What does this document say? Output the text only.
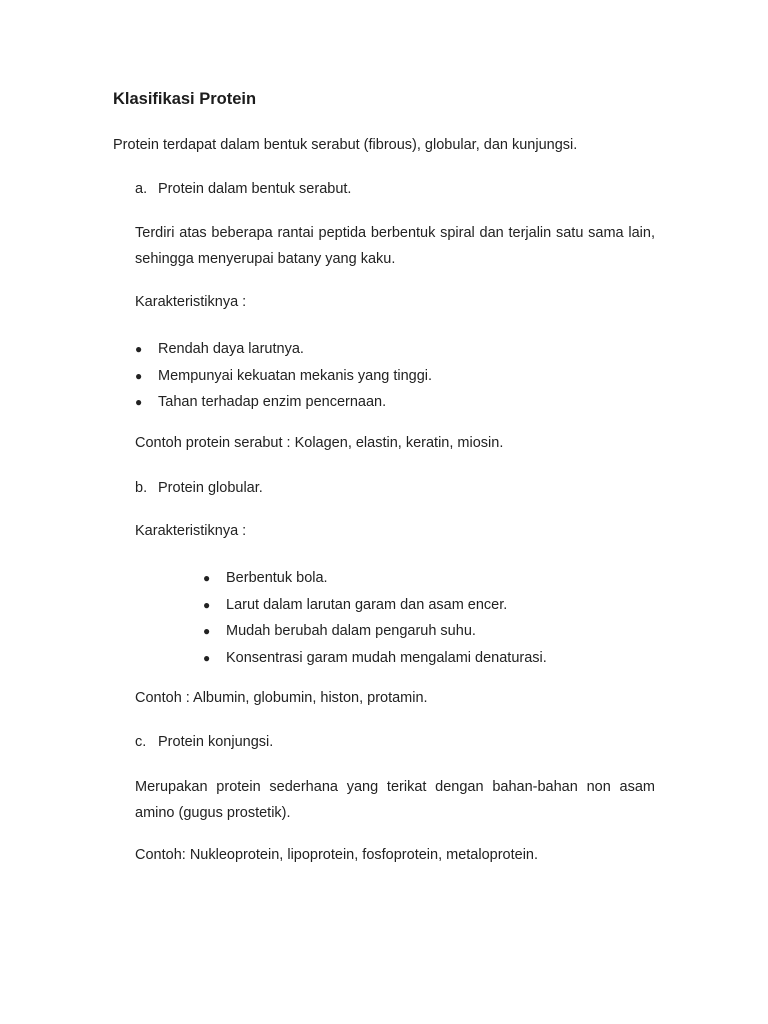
Klasifikasi Protein
Protein terdapat dalam bentuk serabut (fibrous), globular, dan kunjungsi.
a. Protein dalam bentuk serabut.
Terdiri atas beberapa rantai peptida berbentuk spiral dan terjalin satu sama lain, sehingga menyerupai batany yang kaku.
Karakteristiknya :
● Rendah daya larutnya.
● Mempunyai kekuatan mekanis yang tinggi.
● Tahan terhadap enzim pencernaan.
Contoh protein serabut : Kolagen, elastin, keratin, miosin.
b. Protein globular.
Karakteristiknya :
● Berbentuk bola.
● Larut dalam larutan garam dan asam encer.
● Mudah berubah dalam pengaruh suhu.
● Konsentrasi garam mudah mengalami denaturasi.
Contoh : Albumin, globumin, histon, protamin.
c. Protein konjungsi.
Merupakan protein sederhana yang terikat dengan bahan-bahan non asam amino (gugus prostetik).
Contoh: Nukleoprotein, lipoprotein, fosfoprotein, metaloprotein.
